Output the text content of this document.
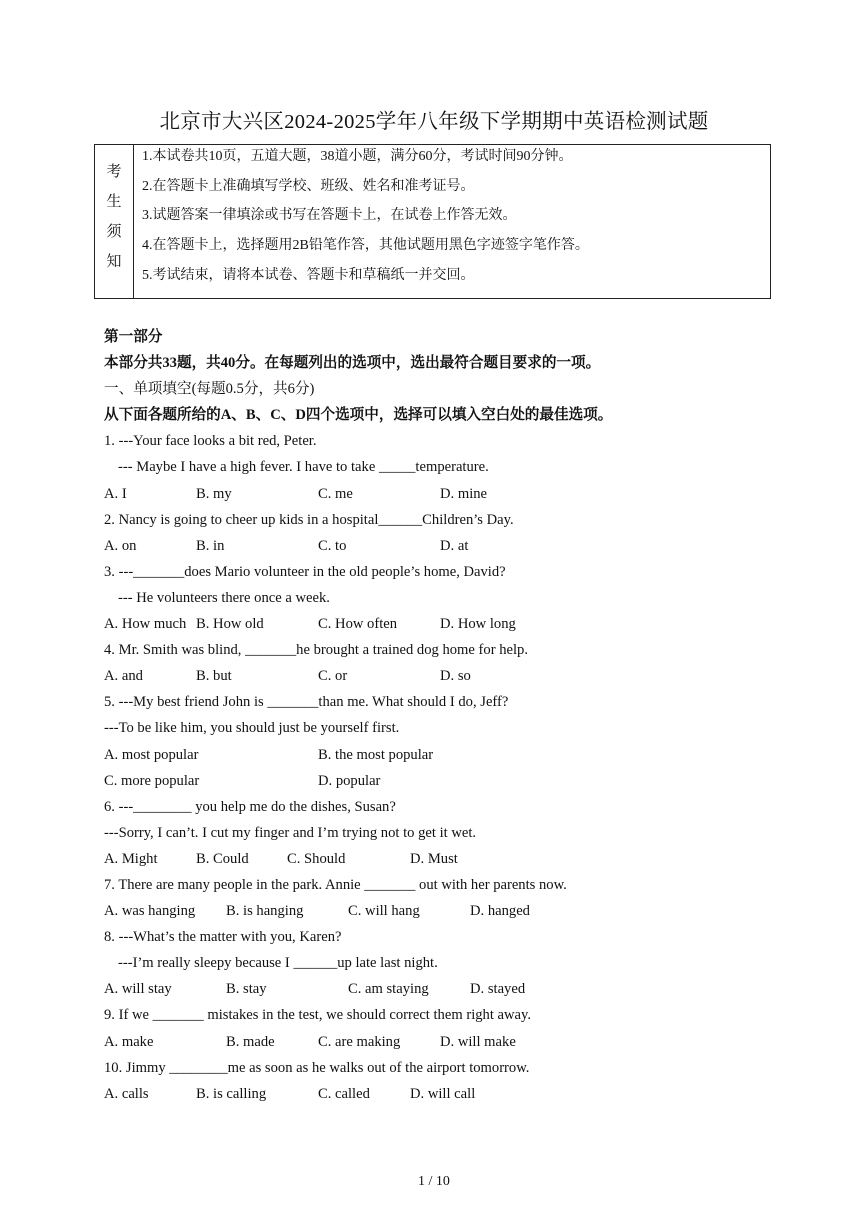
北京市大兴区2024-2025学年八年级下学期期中英语检测试题
考
生
须
知

1.本试卷共10页，五道大题，38道小题，满分60分，考试时间90分钟。
2.在答题卡上准确填写学校、班级、姓名和准考证号。
3.试题答案一律填涂或书写在答题卡上，在试卷上作答无效。
4.在答题卡上，选择题用2B铅笔作答，其他试题用黑色字迹签字笔作答。
5.考试结束，请将本试卷、答题卡和草稿纸一并交回。
第一部分
本部分共33题，共40分。在每题列出的选项中，选出最符合题目要求的一项。
一、单项填空(每题0.5分，共6分)
从下面各题所给的A、B、C、D四个选项中，选择可以填入空白处的最佳选项。
1. ---Your face looks a bit red, Peter.
--- Maybe I have a high fever. I have to take _____temperature.
A. I	B. my	C. me	D. mine
2. Nancy is going to cheer up kids in a hospital______Children’s Day.
A. on	B. in	C. to	D. at
3. ---_______does Mario volunteer in the old people’s home, David?
--- He volunteers there once a week.
A. How much B. How old	C. How often	D. How long
4. Mr. Smith was blind, _______he brought a trained dog home for help.
A. and	B. but	C. or	D. so
5. ---My best friend John is _______than me. What should I do, Jeff?
---To be like him, you should just be yourself first.
A. most popular	B. the most popular
C. more popular	D. popular
6. ---________ you help me do the dishes, Susan?
---Sorry, I can’t. I cut my finger and I’m trying not to get it wet.
A. Might	B. Could	C. Should	D. Must
7. There are many people in the park. Annie _______ out with her parents now.
A. was hanging	B. is hanging	C. will hang	D. hanged
8. ---What’s the matter with you, Karen?
---I’m really sleepy because I ______up late last night.
A. will stay	B. stay	C. am staying	D. stayed
9. If we _______ mistakes in the test, we should correct them right away.
A. make	B. made	C. are making	D. will make
10. Jimmy ________me as soon as he walks out of the airport tomorrow.
A. calls	B. is calling	C. called	D. will call
1 / 10
